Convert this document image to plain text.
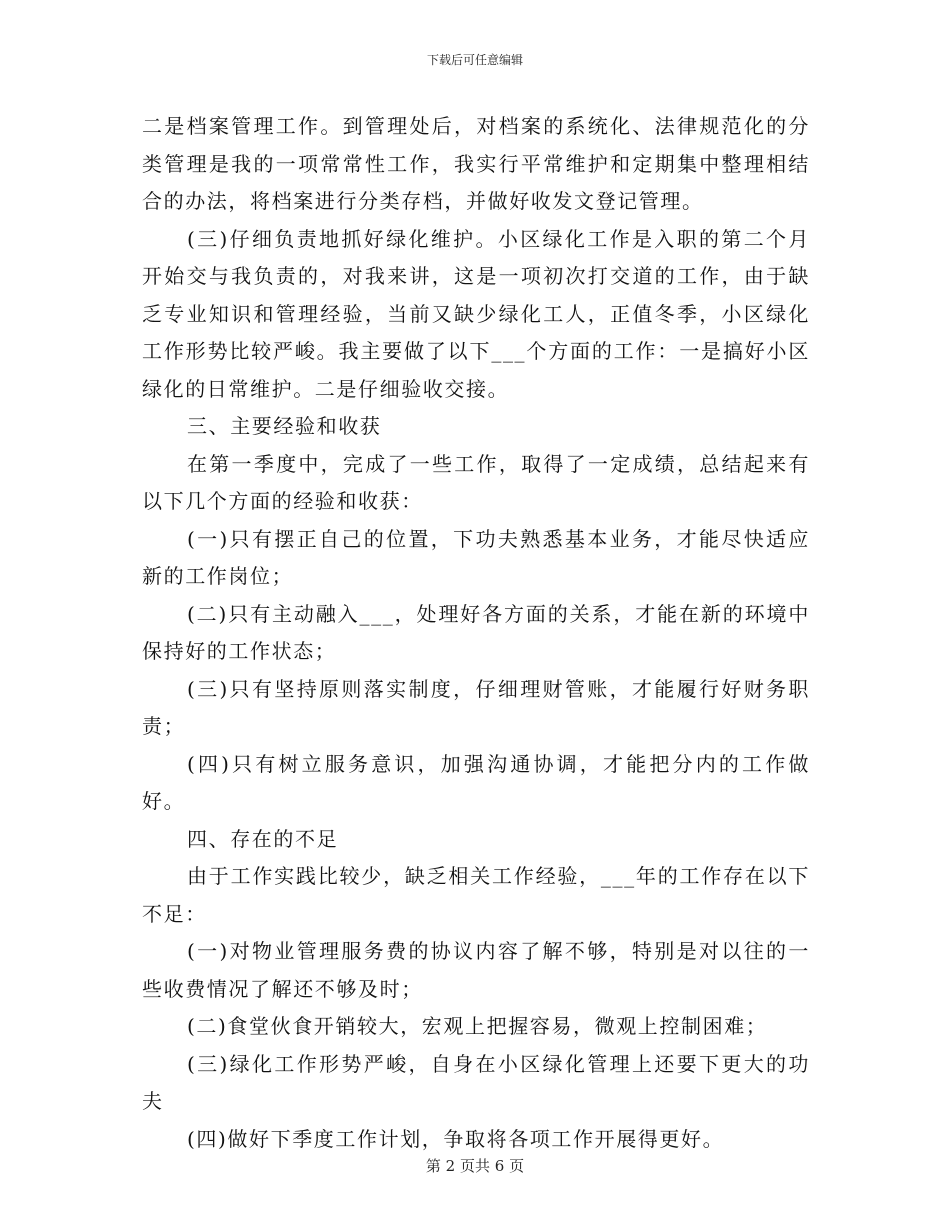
下载后可任意编辑

二是档案管理工作。到管理处后，对档案的系统化、法律规范化的分类管理是我的一项常常性工作，我实行平常维护和定期集中整理相结合的办法，将档案进行分类存档，并做好收发文登记管理。

(三)仔细负责地抓好绿化维护。小区绿化工作是入职的第二个月开始交与我负责的，对我来讲，这是一项初次打交道的工作，由于缺乏专业知识和管理经验，当前又缺少绿化工人，正值冬季，小区绿化工作形势比较严峻。我主要做了以下___个方面的工作：一是搞好小区绿化的日常维护。二是仔细验收交接。

三、主要经验和收获

在第一季度中，完成了一些工作，取得了一定成绩，总结起来有以下几个方面的经验和收获：

(一)只有摆正自己的位置，下功夫熟悉基本业务，才能尽快适应新的工作岗位；

(二)只有主动融入___，处理好各方面的关系，才能在新的环境中保持好的工作状态；

(三)只有坚持原则落实制度，仔细理财管账，才能履行好财务职责；

(四)只有树立服务意识，加强沟通协调，才能把分内的工作做好。

四、存在的不足

由于工作实践比较少，缺乏相关工作经验，___年的工作存在以下不足：

(一)对物业管理服务费的协议内容了解不够，特别是对以往的一些收费情况了解还不够及时；

(二)食堂伙食开销较大，宏观上把握容易，微观上控制困难；

(三)绿化工作形势严峻，自身在小区绿化管理上还要下更大的功夫

(四)做好下季度工作计划，争取将各项工作开展得更好。

第 2 页共 6 页
